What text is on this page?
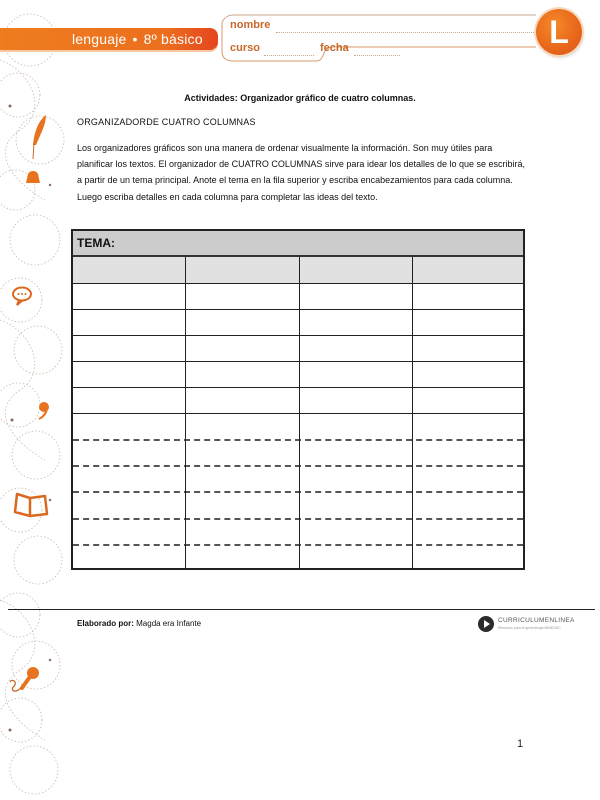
lenguaje • 8º básico
nombre
curso	fecha	L
Actividades: Organizador gráfico de cuatro columnas.
ORGANIZADORDE CUATRO COLUMNAS
Los organizadores gráficos son una manera de ordenar visualmente la información. Son muy útiles para planificar los textos. El organizador de CUATRO COLUMNAS sirve para idear los detalles de lo que se escribirá, a partir de un tema principal. Anote el tema en la fila superior y escriba encabezamientos para cada columna. Luego escriba detalles en cada columna para completar las ideas del texto.
TEMA:
Elaborado por: Magda era Infante	CURRICULUMENLINEA
Recursos para el aprendizaje MINEDUC
1
